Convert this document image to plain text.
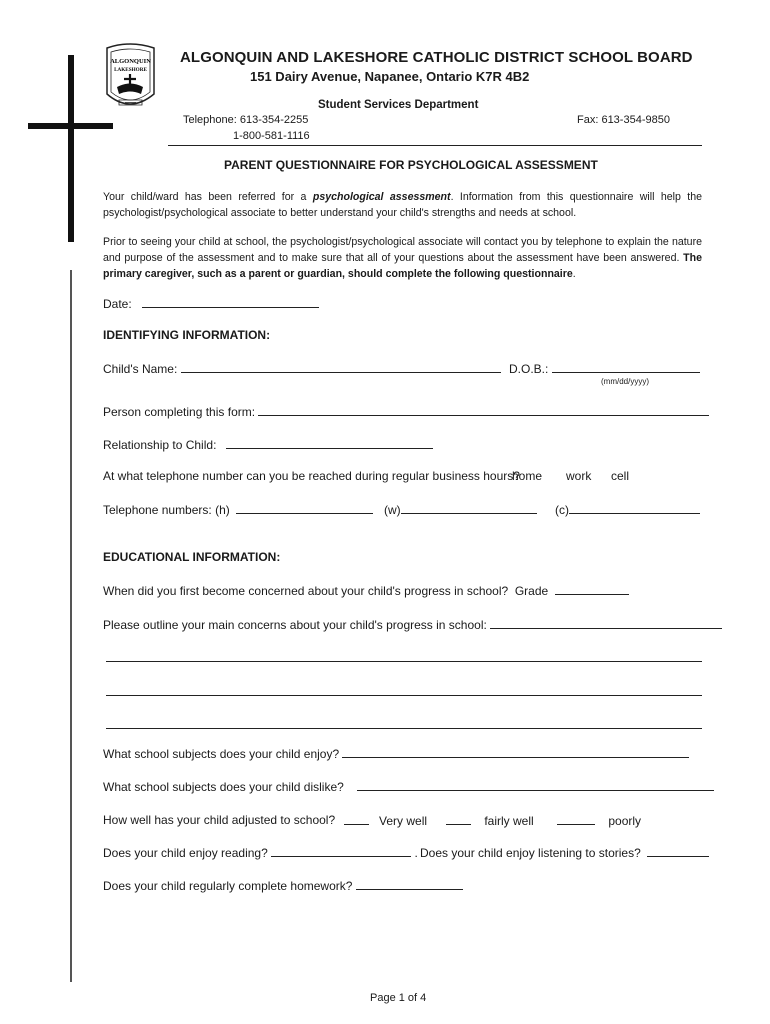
ALGONQUIN
LAKESHORE
ALGONQUIN AND LAKESHORE CATHOLIC DISTRICT SCHOOL BOARD
151 Dairy Avenue, Napanee, Ontario K7R 4B2
Student Services Department
Telephone: 613-354-2255
1-800-581-1116
Fax: 613-354-9850
PARENT QUESTIONNAIRE FOR PSYCHOLOGICAL ASSESSMENT
Your child/ward has been referred for a psychological assessment. Information from this questionnaire will help the psychologist/psychological associate to better understand your child's strengths and needs at school.
Prior to seeing your child at school, the psychologist/psychological associate will contact you by telephone to explain the nature and purpose of the assessment and to make sure that all of your questions about the assessment have been answered. The primary caregiver, such as a parent or guardian, should complete the following questionnaire.
Date:
IDENTIFYING INFORMATION:
Child's Name:	D.O.B.:
(mm/dd/yyyy)
Person completing this form:
Relationship to Child:
At what telephone number can you be reached during regular business hours?
home work cell
Telephone numbers: (h)	(w)	(c)
EDUCATIONAL INFORMATION:
When did you first become concerned about your child's progress in school?  Grade
Please outline your main concerns about your child's progress in school:
What school subjects does your child enjoy?
What school subjects does your child dislike?
How well has your child adjusted to school?	Very well	fairly well	poorly
Does your child enjoy reading?	. Does your child enjoy listening to stories?
Does your child regularly complete homework?
Page 1 of 4
